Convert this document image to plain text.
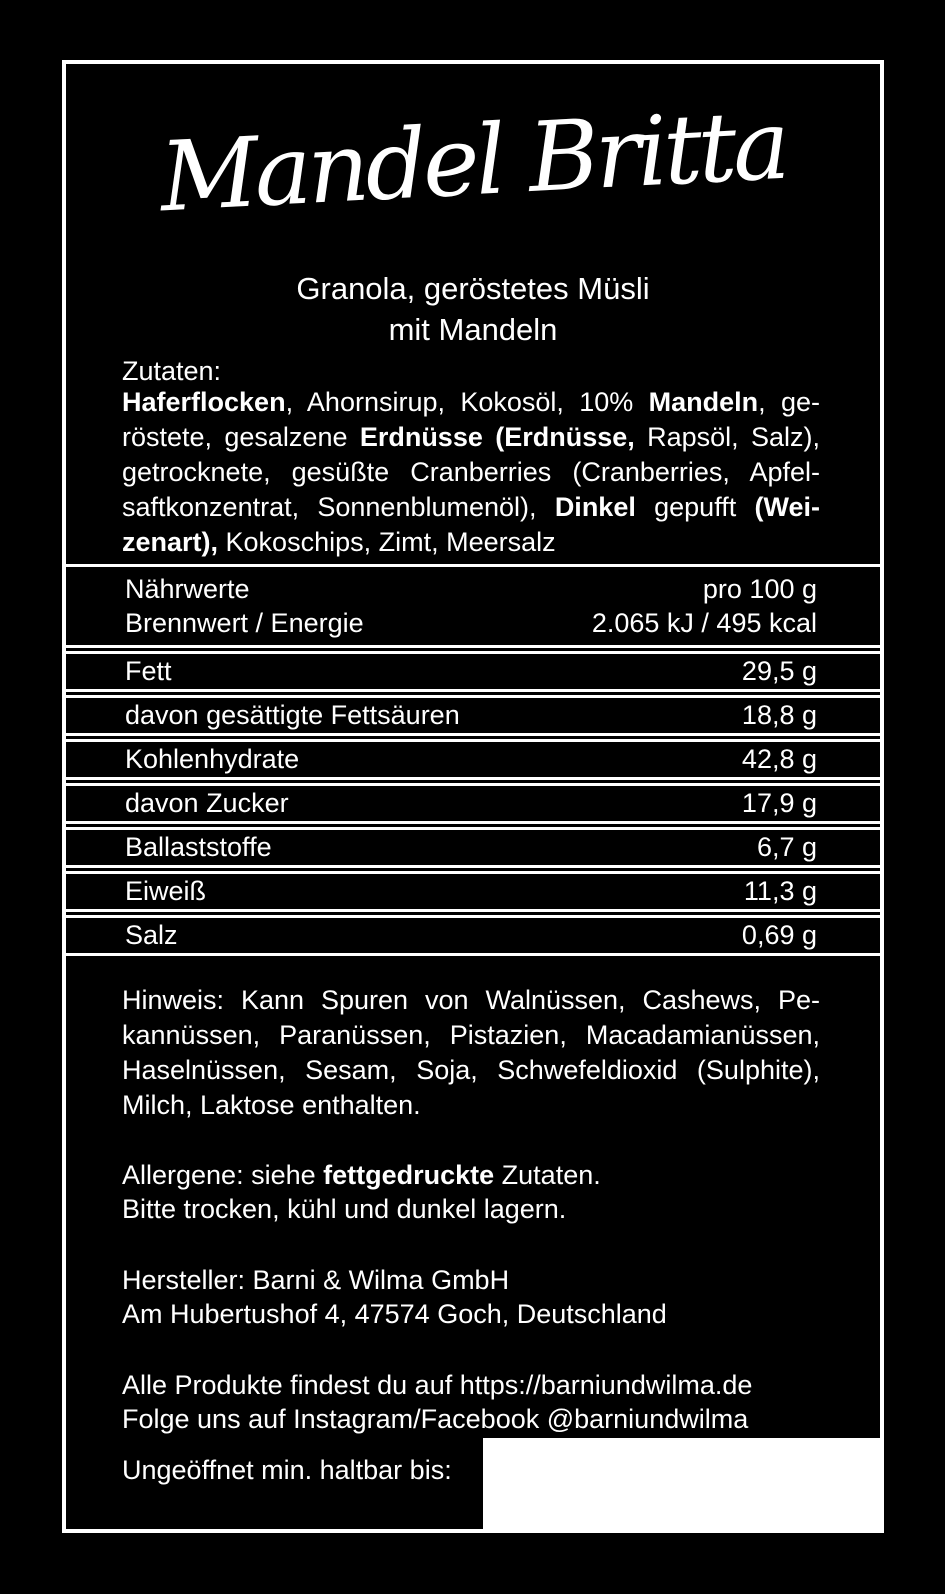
Mandel Britta
Granola, geröstetes Müsli
mit Mandeln
Zutaten:
Haferflocken, Ahornsirup, Kokosöl, 10% Mandeln, ge-
röstete, gesalzene Erdnüsse (Erdnüsse, Rapsöl, Salz),
getrocknete, gesüßte Cranberries (Cranberries, Apfel-
saftkonzentrat, Sonnenblumenöl), Dinkel gepufft (Wei-
zenart), Kokoschips, Zimt, Meersalz
Nährwerte	pro 100 g
Brennwert / Energie	2.065 kJ / 495 kcal
Fett	29,5 g
davon gesättigte Fettsäuren	18,8 g
Kohlenhydrate	42,8 g
davon Zucker	17,9 g
Ballaststoffe	6,7 g
Eiweiß	11,3 g
Salz	0,69 g
Hinweis: Kann Spuren von Walnüssen, Cashews, Pe-
kannüssen, Paranüssen, Pistazien, Macadamianüssen,
Haselnüssen, Sesam, Soja, Schwefeldioxid (Sulphite),
Milch, Laktose enthalten.
Allergene: siehe fettgedruckte Zutaten.
Bitte trocken, kühl und dunkel lagern.
Hersteller: Barni & Wilma GmbH
Am Hubertushof 4, 47574 Goch, Deutschland
Alle Produkte findest du auf https://barniundwilma.de
Folge uns auf Instagram/Facebook @barniundwilma
Ungeöffnet min. haltbar bis:
